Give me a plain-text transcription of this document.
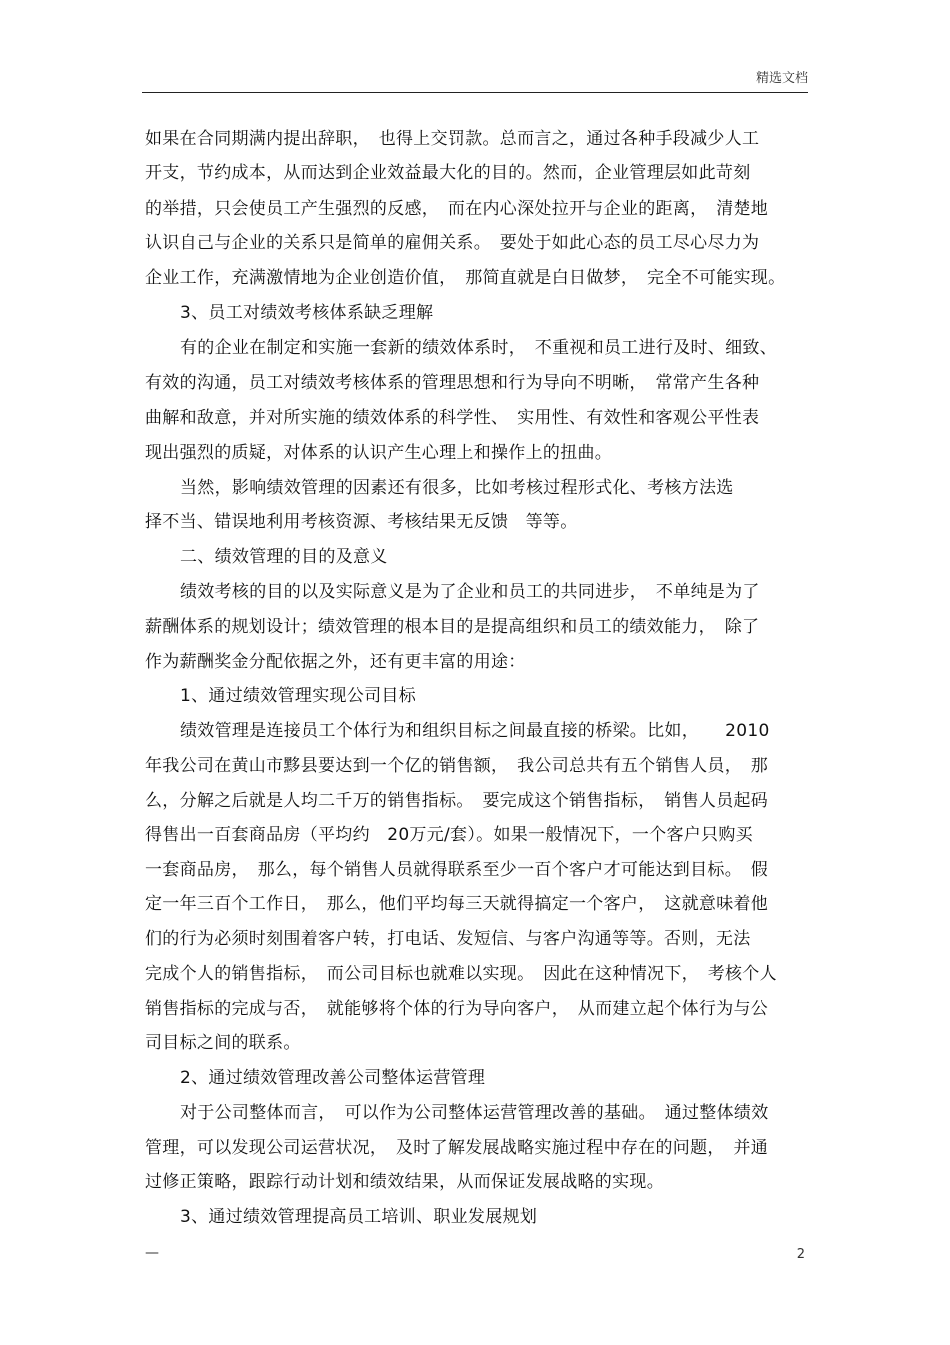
精选文档
如果在合同期满内提出辞职，　也得上交罚款。总而言之，通过各种手段减少人工
开支，节约成本，从而达到企业效益最大化的目的。然而，企业管理层如此苛刻
的举措，只会使员工产生强烈的反感，　而在内心深处拉开与企业的距离，　清楚地
认识自己与企业的关系只是简单的雇佣关系。　要处于如此心态的员工尽心尽力为
企业工作，充满激情地为企业创造价值，　那简直就是白日做梦，　完全不可能实现。
3、员工对绩效考核体系缺乏理解
有的企业在制定和实施一套新的绩效体系时，　不重视和员工进行及时、细致、
有效的沟通，员工对绩效考核体系的管理思想和行为导向不明晰，　常常产生各种
曲解和敌意，并对所实施的绩效体系的科学性、　实用性、有效性和客观公平性表
现出强烈的质疑，对体系的认识产生心理上和操作上的扭曲。
当然，影响绩效管理的因素还有很多，比如考核过程形式化、考核方法选
择不当、错误地利用考核资源、考核结果无反馈　等等。
二、绩效管理的目的及意义
绩效考核的目的以及实际意义是为了企业和员工的共同进步，　不单纯是为了
薪酬体系的规划设计；绩效管理的根本目的是提高组织和员工的绩效能力，　除了
作为薪酬奖金分配依据之外，还有更丰富的用途：
1、通过绩效管理实现公司目标
绩效管理是连接员工个体行为和组织目标之间最直接的桥梁。比如，　　2010
年我公司在黄山市黟县要达到一个亿的销售额，　我公司总共有五个销售人员，　那
么，分解之后就是人均二千万的销售指标。　要完成这个销售指标，　销售人员起码
得售出一百套商品房（平均约　20万元/套）。如果一般情况下，一个客户只购买
一套商品房，　那么，每个销售人员就得联系至少一百个客户才可能达到目标。　假
定一年三百个工作日，　那么，他们平均每三天就得搞定一个客户，　这就意味着他
们的行为必须时刻围着客户转，打电话、发短信、与客户沟通等等。否则，无法
完成个人的销售指标，　而公司目标也就难以实现。　因此在这种情况下，　考核个人
销售指标的完成与否，　就能够将个体的行为导向客户，　从而建立起个体行为与公
司目标之间的联系。
2、通过绩效管理改善公司整体运营管理
对于公司整体而言，　可以作为公司整体运营管理改善的基础。　通过整体绩效
管理，可以发现公司运营状况，　及时了解发展战略实施过程中存在的问题，　并通
过修正策略，跟踪行动计划和绩效结果，从而保证发展战略的实现。
3、通过绩效管理提高员工培训、职业发展规划
—	2
